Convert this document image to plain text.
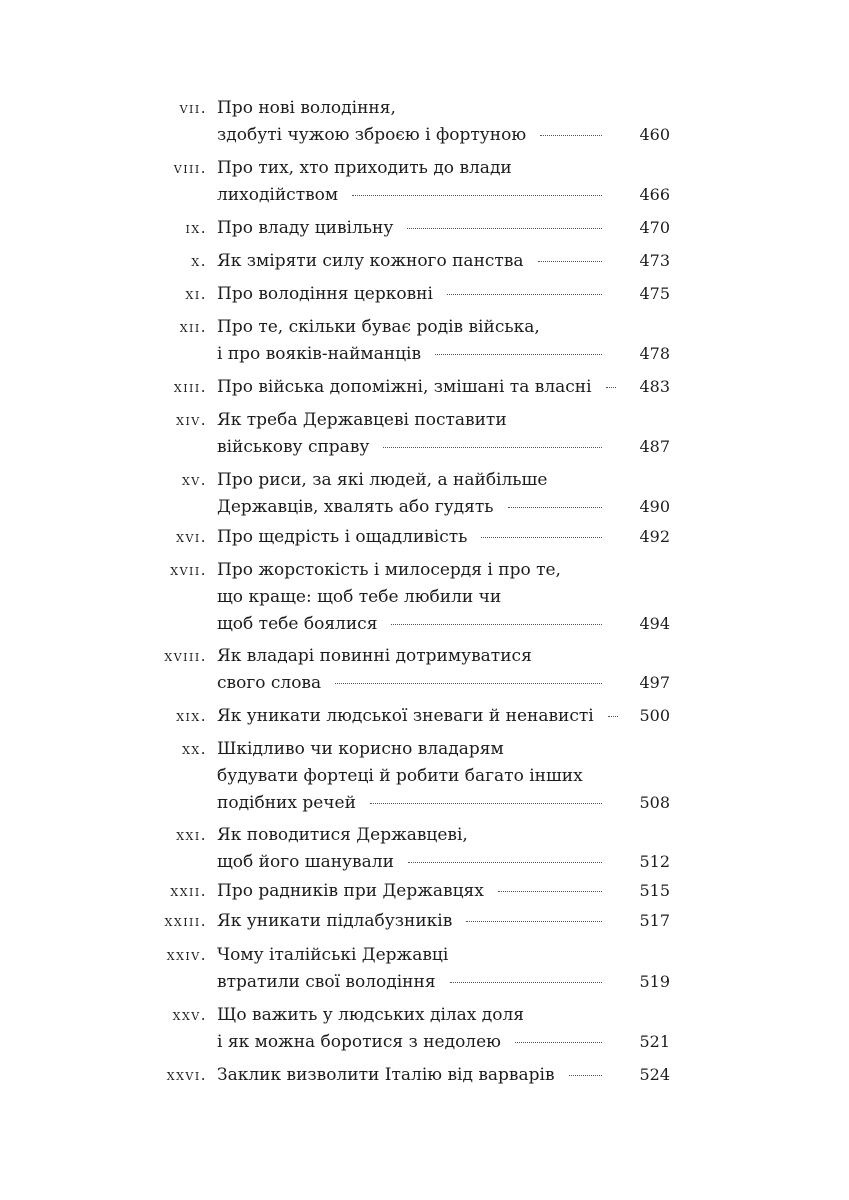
vii. Про нові володіння,
здобуті чужою зброєю і фортуною	460
viii. Про тих, хто приходить до влади
лиходійством	466
ix. Про владу цивільну	470
x. Як зміряти силу кожного панства	473
xi. Про володіння церковні	475
xii. Про те, скільки буває родів війська,
і про вояків-найманців	478
xiii. Про війська допоміжні, змішані та власні	483
xiv. Як треба Державцеві поставити
військову справу	487
xv. Про риси, за які людей, а найбільше
Державців, хвалять або гудять	490
xvi. Про щедрість і ощадливість	492
xvii. Про жорстокість і милосердя і про те,
що краще: щоб тебе любили чи
щоб тебе боялися	494
xviii. Як владарі повинні дотримуватися
свого слова	497
xix. Як уникати людської зневаги й ненависті	500
xx. Шкідливо чи корисно владарям
будувати фортеці й робити багато інших
подібних речей	508
xxi. Як поводитися Державцеві,
щоб його шанували	512
xxii. Про радників при Державцях	515
xxiii. Як уникати підлабузників	517
xxiv. Чому італійські Державці
втратили свої володіння	519
xxv. Що важить у людських ділах доля
і як можна боротися з недолею	521
xxvi. Заклик визволити Італію від варварів	524
